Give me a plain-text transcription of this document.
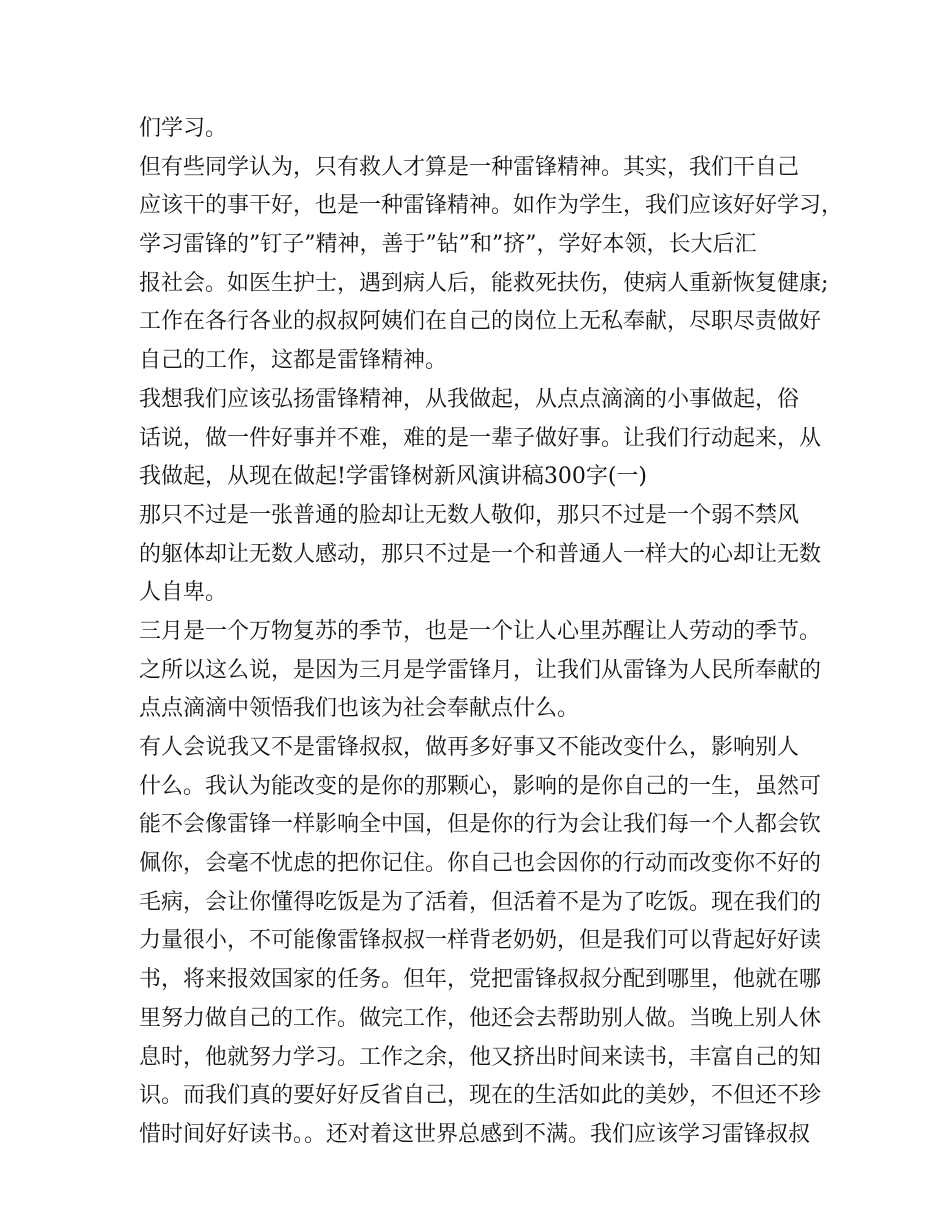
们学习。
但有些同学认为，只有救人才算是一种雷锋精神。其实，我们干自己
应该干的事干好，也是一种雷锋精神。如作为学生，我们应该好好学习，
学习雷锋的”钉子”精神，善于”钻”和”挤”，学好本领，长大后汇
报社会。如医生护士，遇到病人后，能救死扶伤，使病人重新恢复健康;
工作在各行各业的叔叔阿姨们在自己的岗位上无私奉献，尽职尽责做好
自己的工作，这都是雷锋精神。
我想我们应该弘扬雷锋精神，从我做起，从点点滴滴的小事做起，俗
话说，做一件好事并不难，难的是一辈子做好事。让我们行动起来，从
我做起，从现在做起!学雷锋树新风演讲稿300字(一)
那只不过是一张普通的脸却让无数人敬仰，那只不过是一个弱不禁风
的躯体却让无数人感动，那只不过是一个和普通人一样大的心却让无数
人自卑。
三月是一个万物复苏的季节，也是一个让人心里苏醒让人劳动的季节。
之所以这么说，是因为三月是学雷锋月，让我们从雷锋为人民所奉献的
点点滴滴中领悟我们也该为社会奉献点什么。
有人会说我又不是雷锋叔叔，做再多好事又不能改变什么，影响别人
什么。我认为能改变的是你的那颗心，影响的是你自己的一生，虽然可
能不会像雷锋一样影响全中国，但是你的行为会让我们每一个人都会钦
佩你，会毫不忧虑的把你记住。你自己也会因你的行动而改变你不好的
毛病，会让你懂得吃饭是为了活着，但活着不是为了吃饭。现在我们的
力量很小，不可能像雷锋叔叔一样背老奶奶，但是我们可以背起好好读
书，将来报效国家的任务。但年，党把雷锋叔叔分配到哪里，他就在哪
里努力做自己的工作。做完工作，他还会去帮助别人做。当晚上别人休
息时，他就努力学习。工作之余，他又挤出时间来读书，丰富自己的知
识。而我们真的要好好反省自己，现在的生活如此的美妙，不但还不珍
惜时间好好读书。。还对着这世界总感到不满。我们应该学习雷锋叔叔
